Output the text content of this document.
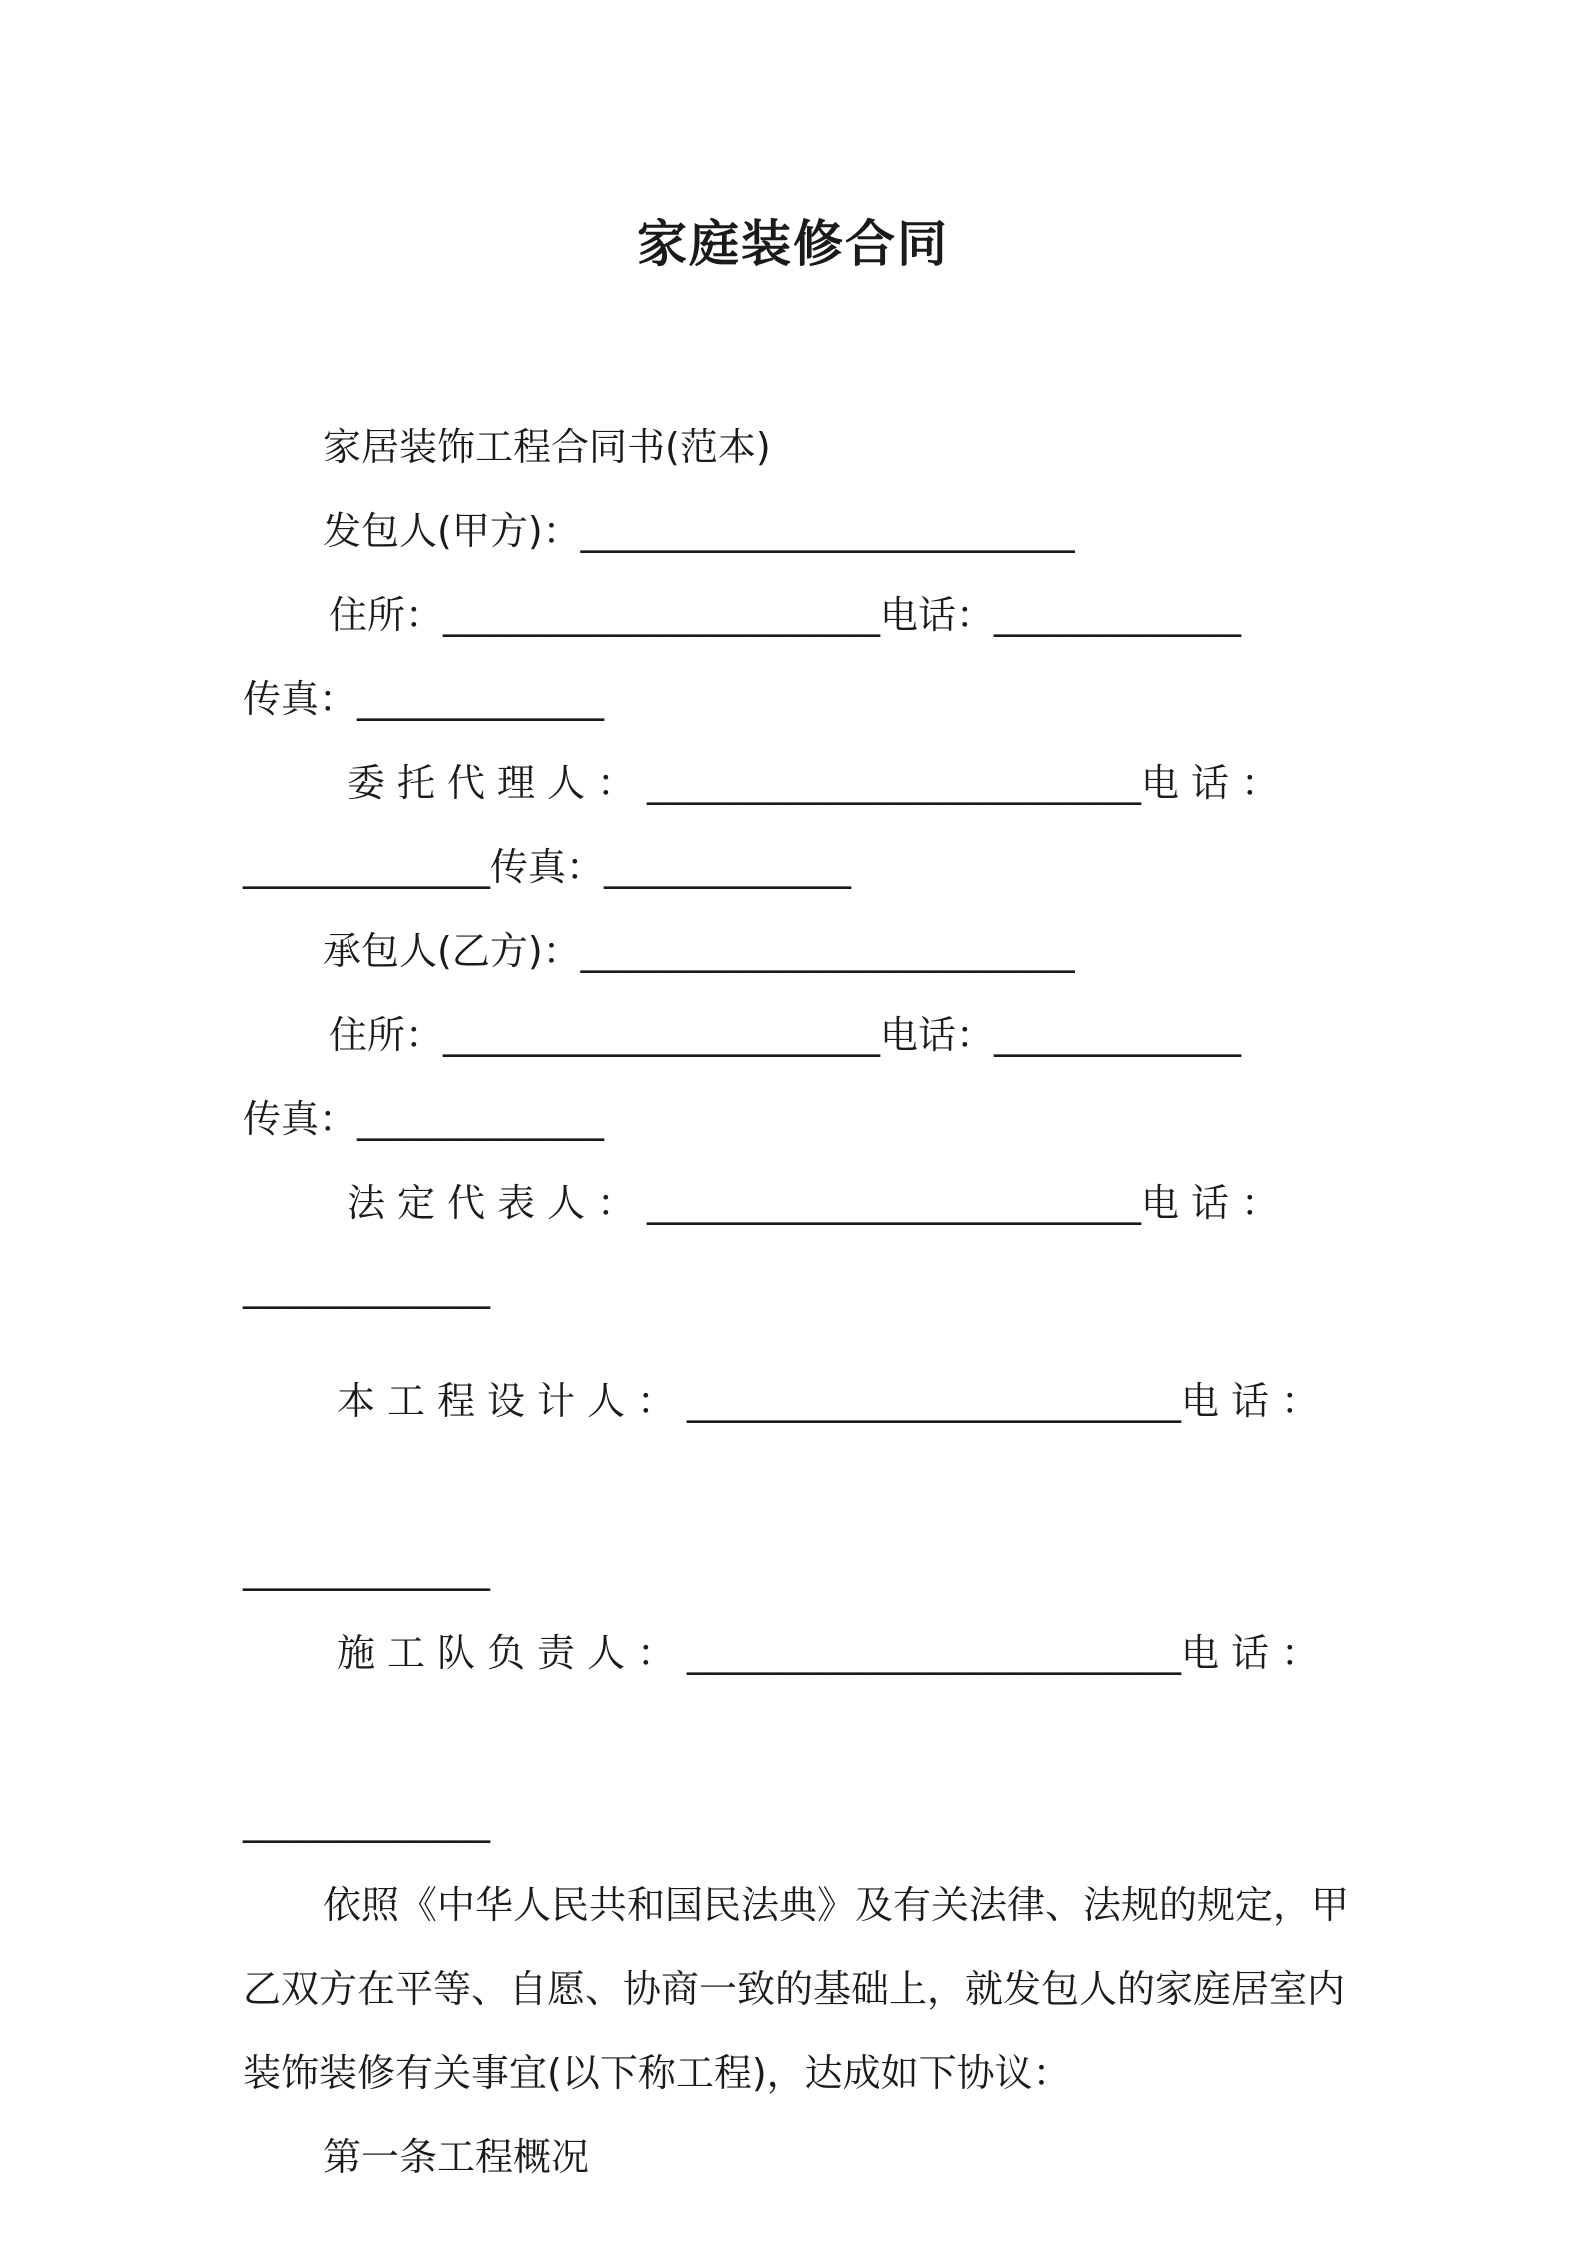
家庭装修合同
家居装饰工程合同书(范本)
发包人(甲方)：__________________________
住所：_______________________电话：_____________
传真：_____________
委托代理人：__________________________电话：
_____________传真：_____________
承包人(乙方)：__________________________
住所：_______________________电话：_____________
传真：_____________
法定代表人：__________________________电话：
_____________
本工程设计人：__________________________电话：
_____________
施工队负责人：__________________________电话：
_____________
依照《中华人民共和国民法典》及有关法律、法规的规定，甲乙双方在平等、自愿、协商一致的基础上，就发包人的家庭居室内装饰装修有关事宜(以下称工程)，达成如下协议：
第一条工程概况
